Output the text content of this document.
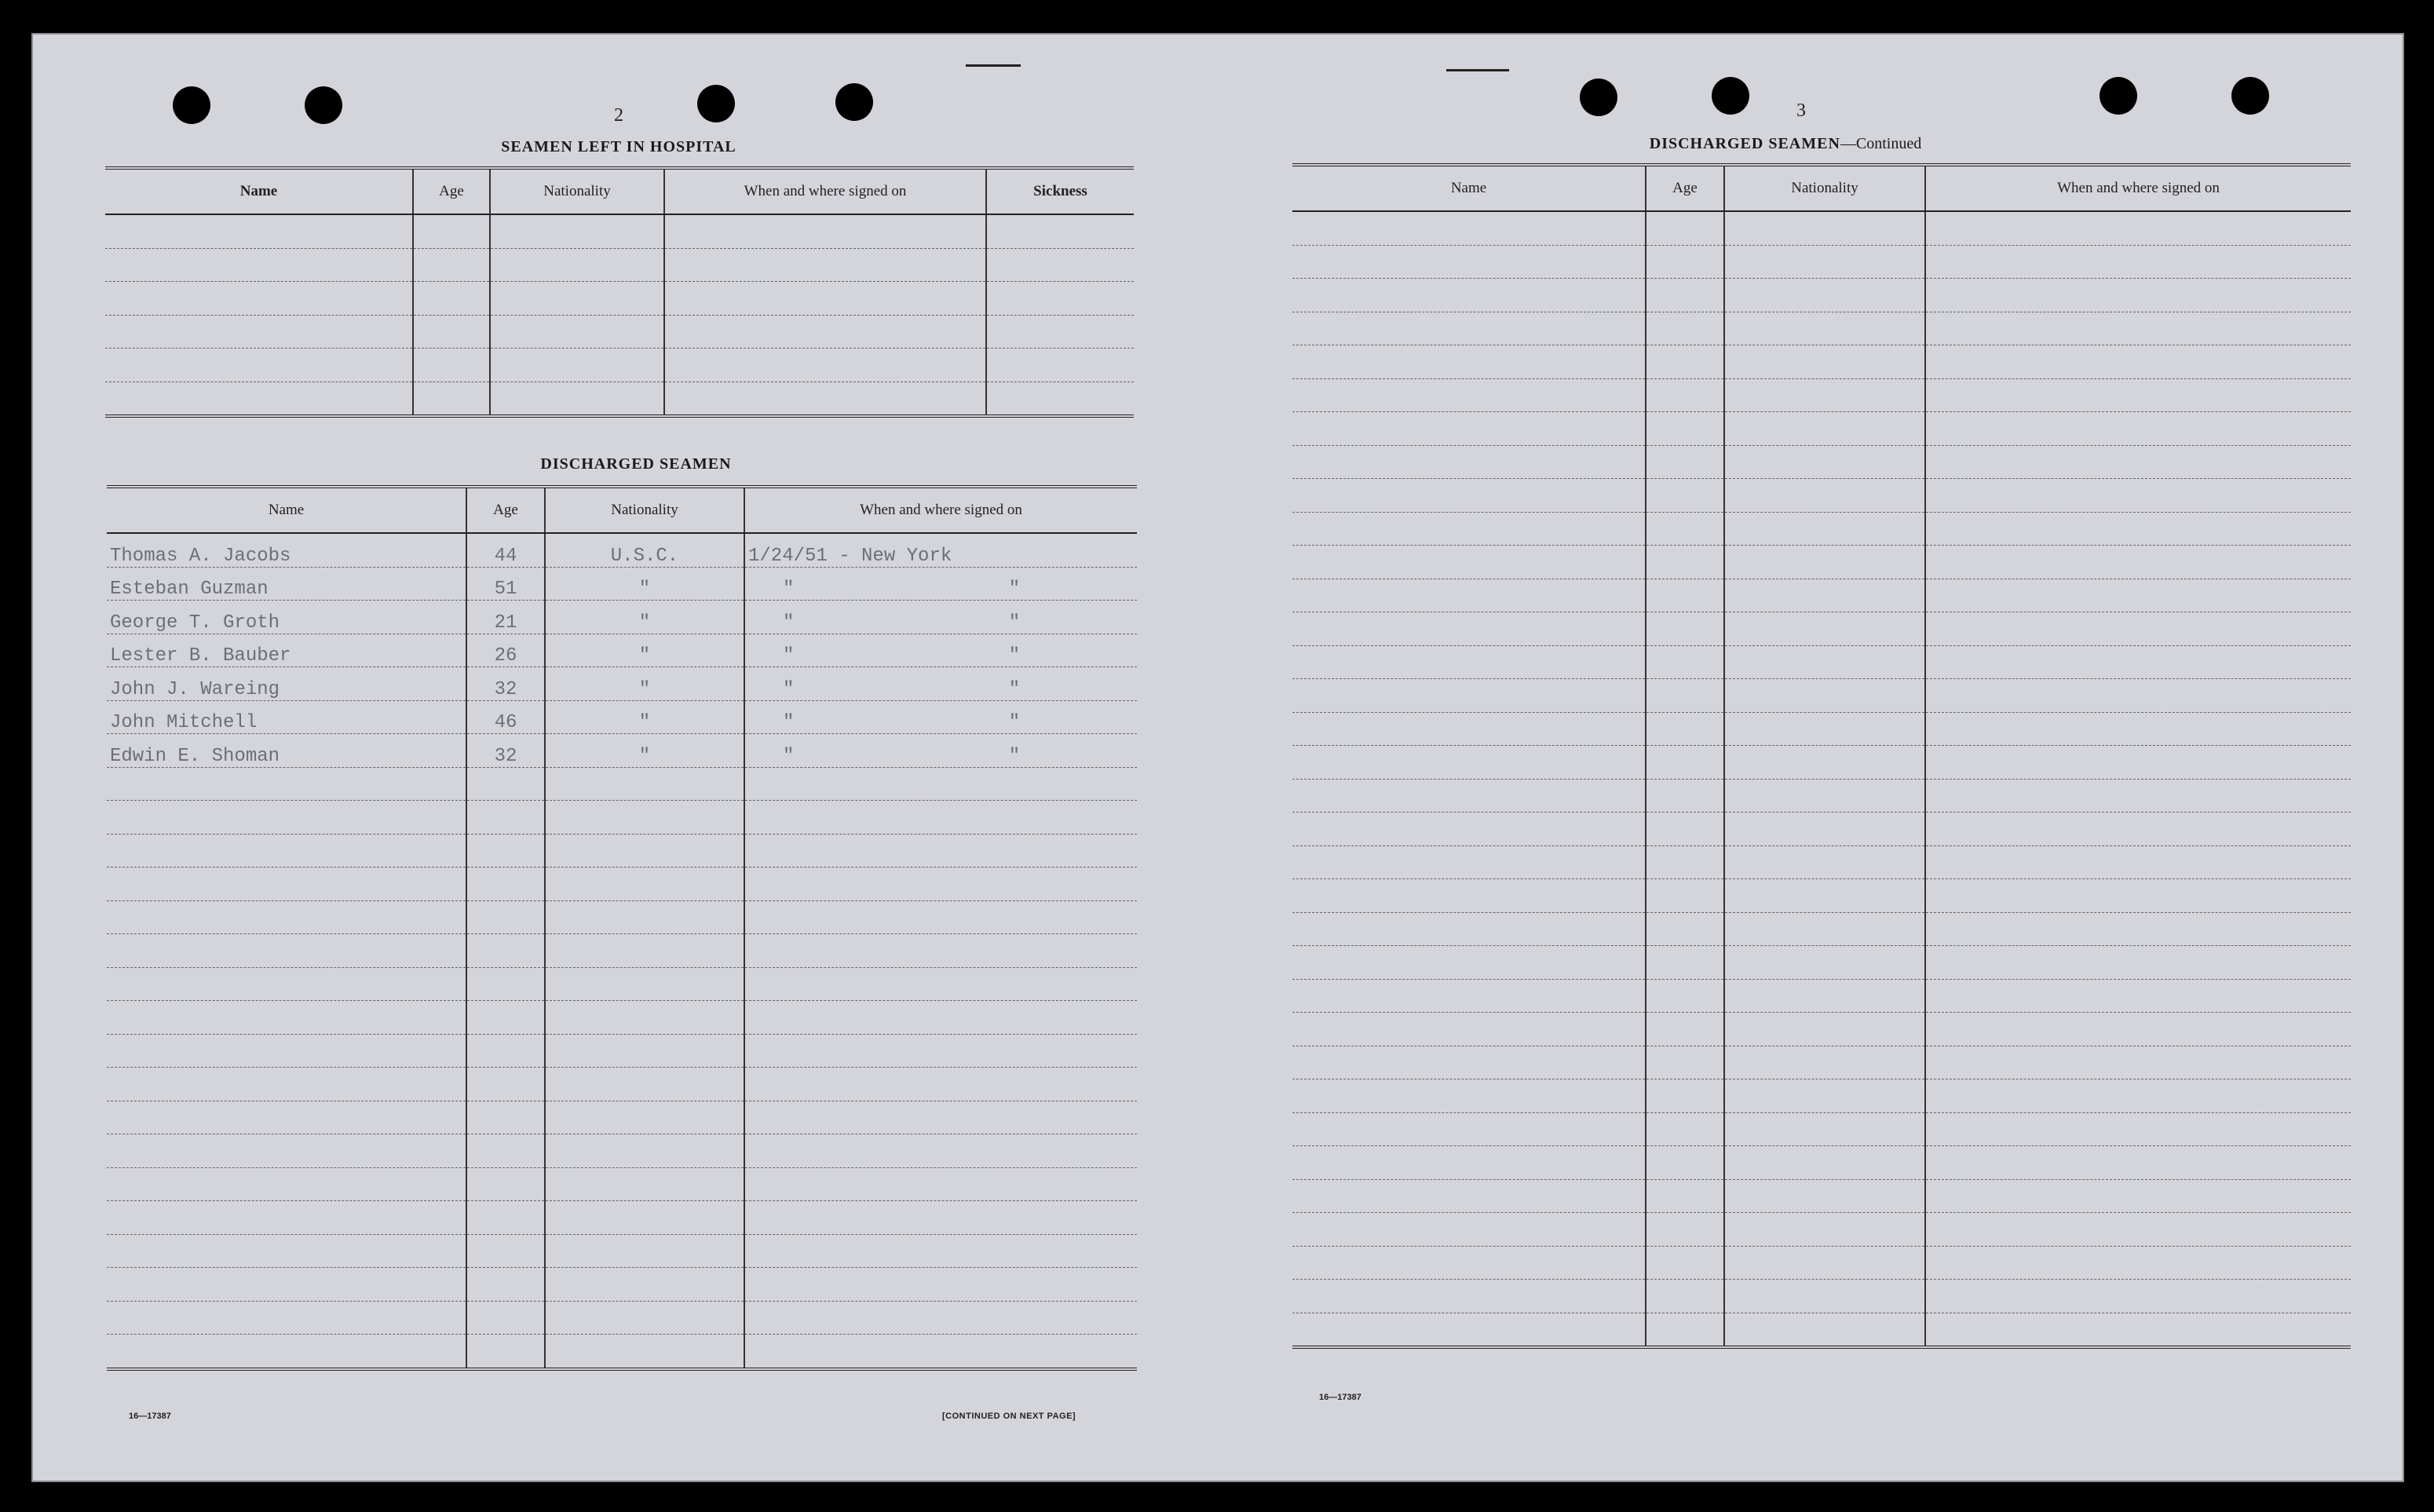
2
SEAMEN LEFT IN HOSPITAL
Name	Age	Nationality	When and where signed on	Sickness

DISCHARGED SEAMEN
Name	Age	Nationality	When and where signed on
Thomas A. Jacobs	44	U.S.C.	1/24/51 - New York
Esteban Guzman	51	"	" "
George T. Groth	21	"	" "
Lester B. Bauber	26	"	" "
John J. Wareing	32	"	" "
John Mitchell	46	"	" "
Edwin E. Shoman	32	"	" "

16—17387	[CONTINUED ON NEXT PAGE]
3
DISCHARGED SEAMEN—Continued
Name	Age	Nationality	When and where signed on

16—17387
